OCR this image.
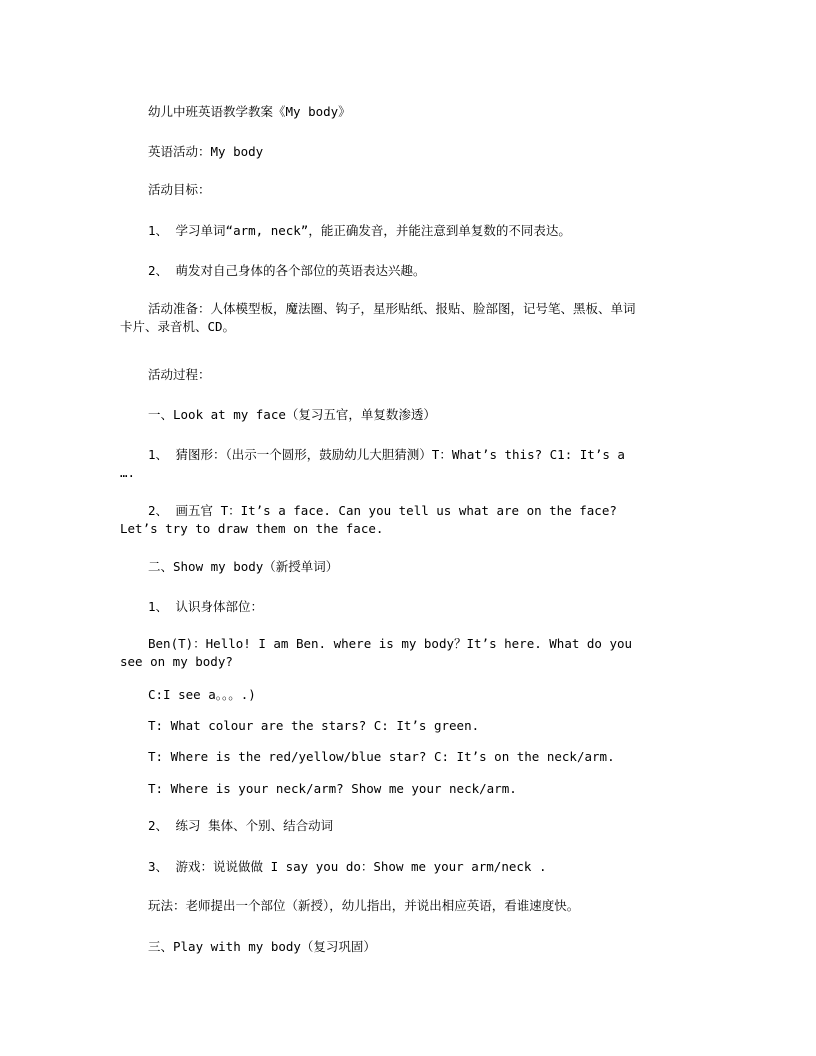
幼儿中班英语教学教案《My body》
英语活动：My body
活动目标：
1、 学习单词“arm, neck”，能正确发音，并能注意到单复数的不同表达。
2、 萌发对自己身体的各个部位的英语表达兴趣。
活动准备：人体模型板，魔法圈、钩子，星形贴纸、报贴、脸部图，记号笔、黑板、单词
卡片、录音机、CD。
活动过程：
一、Look at my face（复习五官，单复数渗透）
1、 猜图形：（出示一个圆形，鼓励幼儿大胆猜测）T：What’s this? C1: It’s a
….
2、 画五官 T：It’s a face. Can you tell us what are on the face?
Let’s try to draw them on the face.
二、Show my body（新授单词）
1、 认识身体部位：
Ben(T)：Hello! I am Ben. where is my body？It’s here. What do you
see on my body?
C:I see a。。。.)
T: What colour are the stars? C: It’s green.
T: Where is the red/yellow/blue star? C: It’s on the neck/arm.
T: Where is your neck/arm? Show me your neck/arm.
2、 练习 集体、个别、结合动词
3、 游戏：说说做做 I say you do：Show me your arm/neck .
玩法：老师提出一个部位（新授），幼儿指出，并说出相应英语，看谁速度快。
三、Play with my body（复习巩固）
